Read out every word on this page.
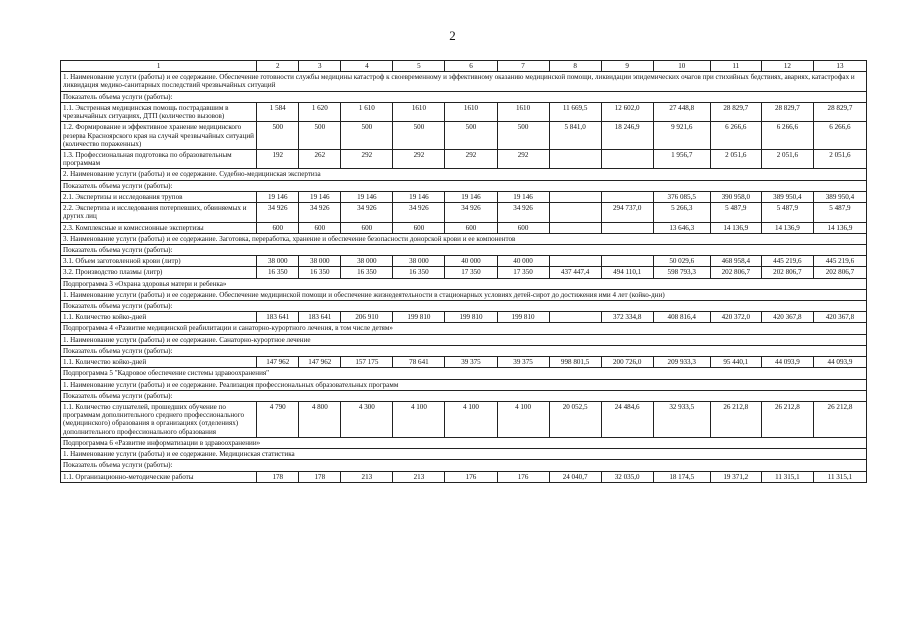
2
1	2	3	4	5	6	7	8	9	10	11	12	13
1. Наименование услуги (работы) и ее содержание. Обеспечение готовности службы медицины катастроф к своевременному и эффективному оказанию медицинской помощи, ликвидации эпидемических очагов при стихийных бедствиях, авариях, катастрофах и ликвидация медико-санитарных последствий чрезвычайных ситуаций												
Показатель объема услуги (работы):												
1.1. Экстренная медицинская помощь пострадавшим в чрезвычайных ситуациях, ДТП (количество вызовов)	1 584	1 620	1 610	1610	1610	1610	11 669,5	12 602,0	27 448,8	28 829,7	28 829,7	28 829,7
1.2. Формирование и эффективное хранение медицинского резерва Красноярского края на случай чрезвычайных ситуаций (количество пораженных)	500	500	500	500	500	500	5 841,0	18 246,9	9 921,6	6 266,6	6 266,6	6 266,6
1.3. Профессиональная подготовка по образовательным программам	192	262	292	292	292	292			1 956,7	2 051,6	2 051,6	2 051,6
2. Наименование услуги (работы) и ее содержание. Судебно-медицинская экспертиза												
Показатель объема услуги (работы):												
2.1. Экспертизы и исследования трупов	19 146	19 146	19 146	19 146	19 146	19 146			376 085,5	390 958,0	389 950,4	389 950,4
2.2. Экспертиза и исследования потерпевших, обвиняемых и других лиц	34 926	34 926	34 926	34 926	34 926	34 926		294 737,0	5 266,3	5 487,9	5 487,9	5 487,9
2.3. Комплексные и комиссионные экспертизы	600	600	600	600	600	600			13 646,3	14 136,9	14 136,9	14 136,9
3. Наименование услуги (работы) и ее содержание. Заготовка, переработка, хранение и обеспечение безопасности донорской крови и ее компонентов												
Показатель объема услуги (работы):												
3.1. Объем заготовленной крови (литр)	38 000	38 000	38 000	38 000	40 000	40 000			50 029,6	468 958,4	445 219,6	445 219,6
3.2. Производство плазмы (литр)	16 350	16 350	16 350	16 350	17 350	17 350	437 447,4	494 110,1	598 793,3	202 806,7	202 806,7	202 806,7
Подпрограмма 3 «Охрана здоровья матери и ребенка»												
1. Наименование услуги (работы) и ее содержание. Обеспечение медицинской помощи и обеспечение жизнедеятельности в стационарных условиях детей-сирот до достижения ими 4 лет (койко-дни)												
Показатель объема услуги (работы):												
1.1. Количество койко-дней	183 641	183 641	206 910	199 810	199 810	199 810		372 334,8	408 816,4	420 372,0	420 367,8	420 367,8
Подпрограмма 4 «Развитие медицинской реабилитации и санаторно-курортного лечения, в том числе детям»												
1. Наименование услуги (работы) и ее содержание. Санаторно-курортное лечение												
Показатель объема услуги (работы):												
1.1. Количество койко-дней	147 962	147 962	157 175	78 641	39 375	39 375	998 801,5	200 726,0	209 933,3	95 440,1	44 093,9	44 093,9
Подпрограмма 5 "Кадровое обеспечение системы здравоохранения"												
1. Наименование услуги (работы) и ее содержание. Реализация профессиональных образовательных программ												
Показатель объема услуги (работы):												
1.1. Количество слушателей, прошедших обучение по программам дополнительного среднего профессионального (медицинского) образования в организациях (отделениях) дополнительного профессионального образования	4 790	4 800	4 300	4 100	4 100	4 100	20 052,5	24 484,6	32 933,5	26 212,8	26 212,8	26 212,8
Подпрограмма 6 «Развитие информатизации в здравоохранении»												
1. Наименование услуги (работы) и ее содержание. Медицинская статистика												
Показатель объема услуги (работы):												
1.1. Организационно-методические работы	178	178	213	213	176	176	24 040,7	32 035,0	18 174,5	19 371,2	11 315,1	11 315,1
